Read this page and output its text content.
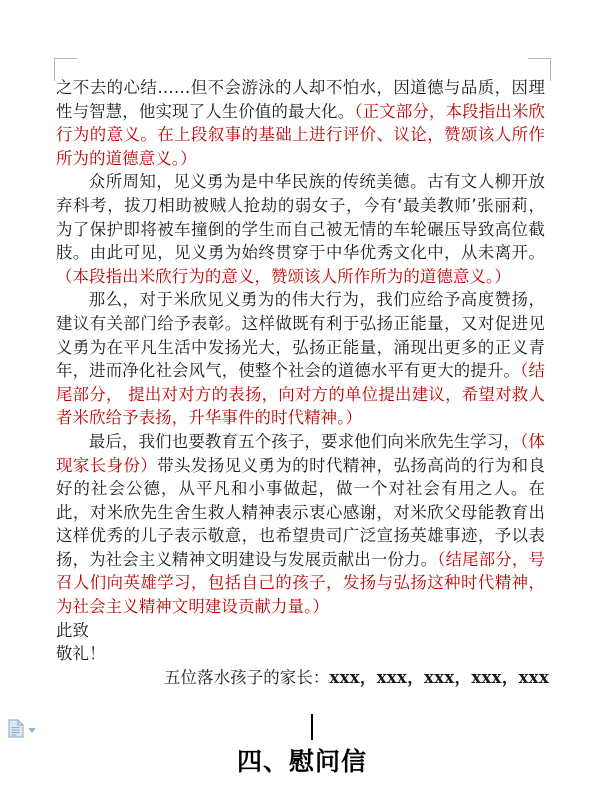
之不去的心结……但不会游泳的人却不怕水，因道德与品质，因理性与智慧，他实现了人生价值的最大化。（正文部分，本段指出米欣行为的意义。在上段叙事的基础上进行评价、议论，赞颂该人所作所为的道德意义。）

众所周知，见义勇为是中华民族的传统美德。古有文人柳开放弃科考，拔刀相助被贼人抢劫的弱女子，今有‘最美教师’张丽莉，为了保护即将被车撞倒的学生而自己被无情的车轮碾压导致高位截肢。由此可见，见义勇为始终贯穿于中华优秀文化中，从未离开。（本段指出米欣行为的意义，赞颂该人所作所为的道德意义。）

那么，对于米欣见义勇为的伟大行为，我们应给予高度赞扬，建议有关部门给予表彰。这样做既有利于弘扬正能量，又对促进见义勇为在平凡生活中发扬光大，弘扬正能量，涌现出更多的正义青年，进而净化社会风气，使整个社会的道德水平有更大的提升。（结尾部分， 提出对对方的表扬，向对方的单位提出建议，希望对救人者米欣给予表扬，升华事件的时代精神。）

最后，我们也要教育五个孩子，要求他们向米欣先生学习，（体现家长身份）带头发扬见义勇为的时代精神，弘扬高尚的行为和良好的社会公德，从平凡和小事做起，做一个对社会有用之人。在此，对米欣先生舍生救人精神表示衷心感谢，对米欣父母能教育出这样优秀的儿子表示敬意，也希望贵司广泛宣扬英雄事迹，予以表扬，为社会主义精神文明建设与发展贡献出一份力。（结尾部分，号召人们向英雄学习，包括自己的孩子，发扬与弘扬这种时代精神，为社会主义精神文明建设贡献力量。）

此致

敬礼！

五位落水孩子的家长：xxx，xxx，xxx，xxx，xxx

四、慰问信
